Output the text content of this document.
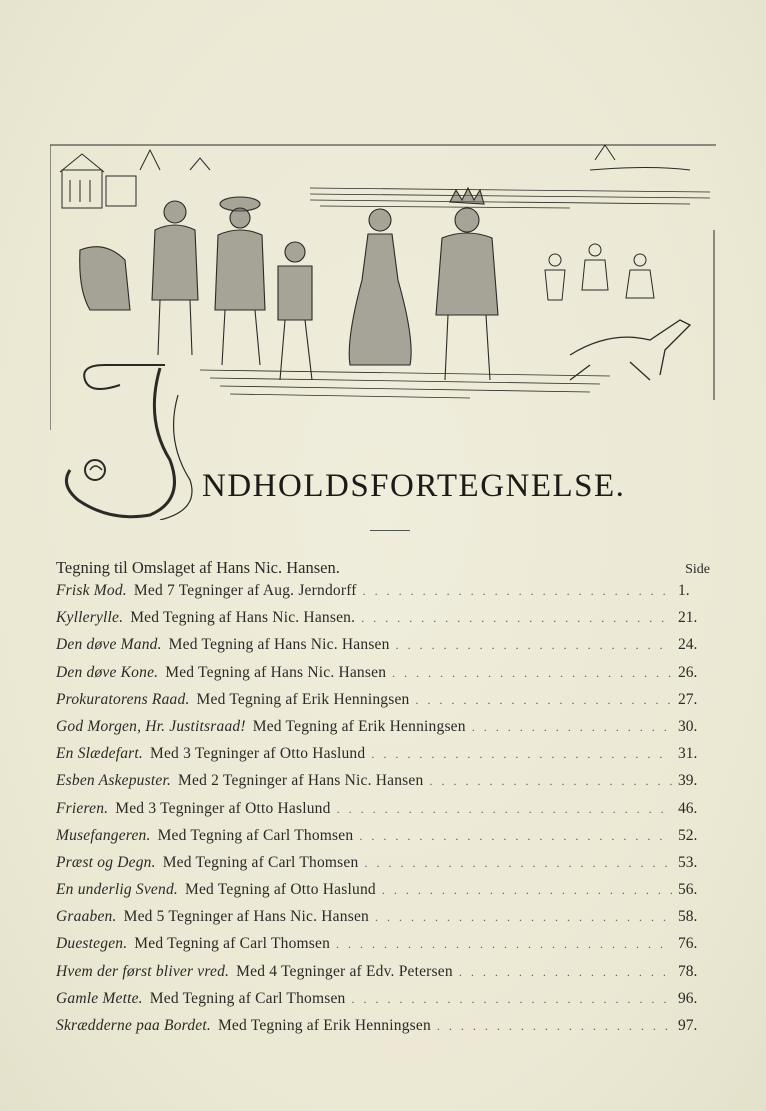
NDHOLDSFORTEGNELSE.
Tegning til Omslaget af Hans Nic. Hansen.	Side
Frisk Mod. Med 7 Tegninger af Aug. Jerndorff . . .	1.
Kyllerylle. Med Tegning af Hans Nic. Hansen. . . .	21.
Den døve Mand. Med Tegning af Hans Nic. Hansen . . .	24.
Den døve Kone. Med Tegning af Hans Nic. Hansen . . .	26.
Prokuratorens Raad. Med Tegning af Erik Henningsen . . .	27.
God Morgen, Hr. Justitsraad! Med Tegning af Erik Henningsen . . .	30.
En Slædefart. Med 3 Tegninger af Otto Haslund . . .	31.
Esben Askepuster. Med 2 Tegninger af Hans Nic. Hansen . . .	39.
Frieren. Med 3 Tegninger af Otto Haslund . . .	46.
Musefangeren. Med Tegning af Carl Thomsen . . .	52.
Præst og Degn. Med Tegning af Carl Thomsen . . .	53.
En underlig Svend. Med Tegning af Otto Haslund . . .	56.
Graaben. Med 5 Tegninger af Hans Nic. Hansen . . .	58.
Duestegen. Med Tegning af Carl Thomsen . . .	76.
Hvem der først bliver vred. Med 4 Tegninger af Edv. Petersen . . .	78.
Gamle Mette. Med Tegning af Carl Thomsen . . .	96.
Skrædderne paa Bordet. Med Tegning af Erik Henningsen . . .	97.
